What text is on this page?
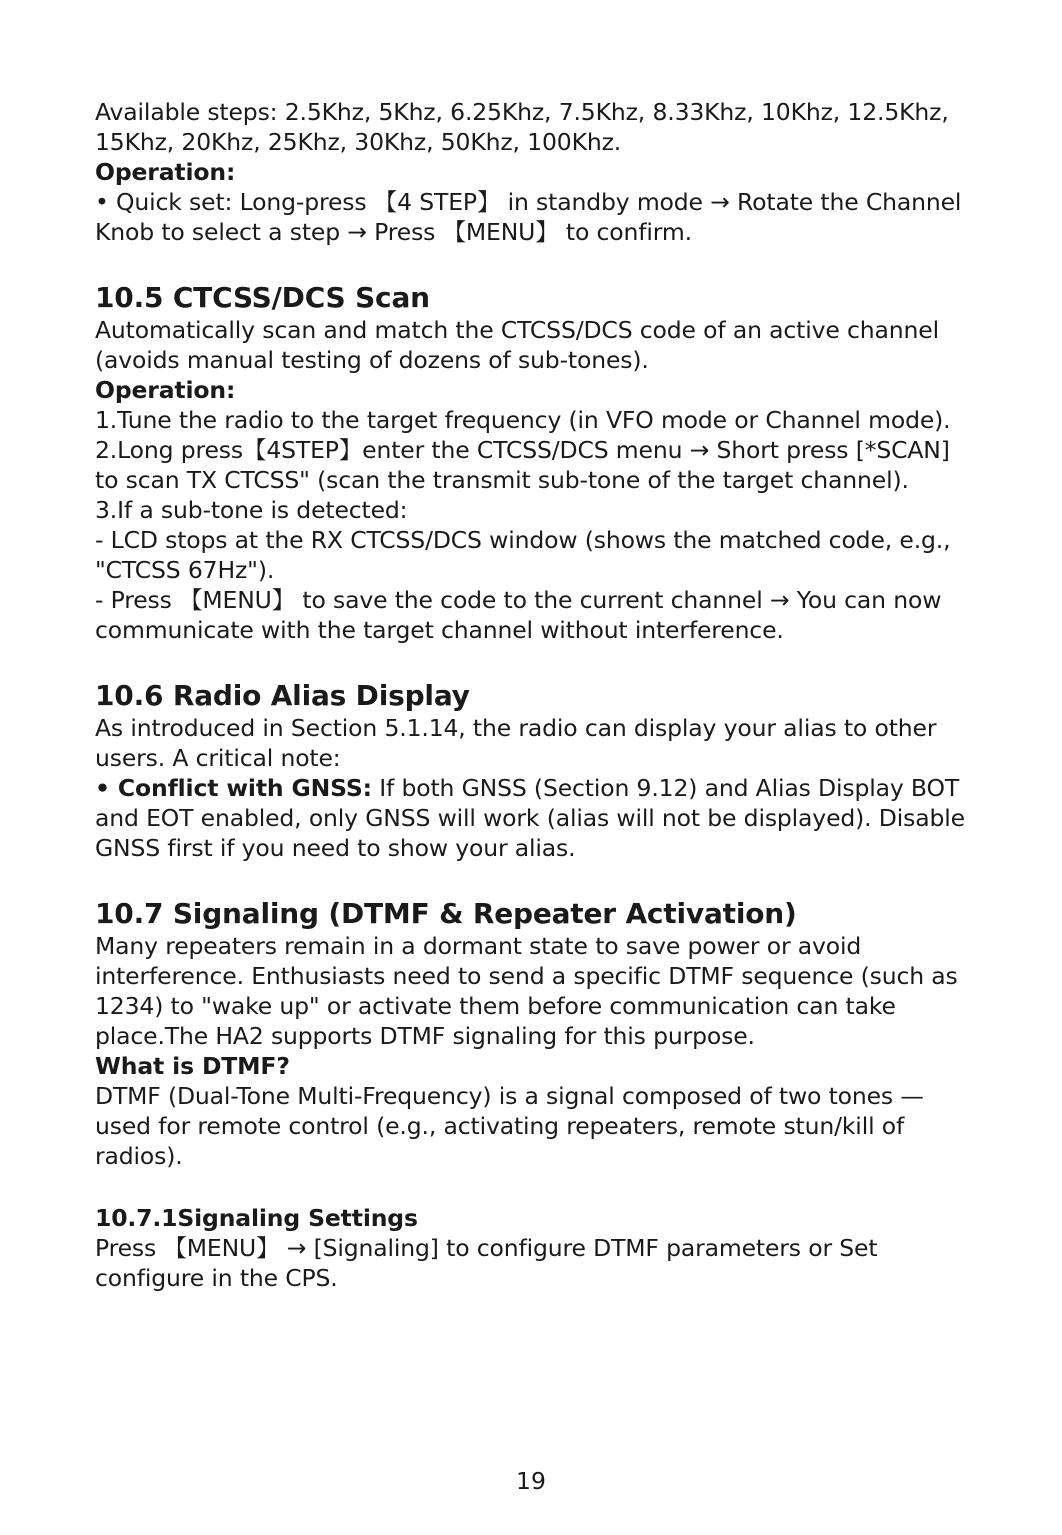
Available steps: 2.5Khz, 5Khz, 6.25Khz, 7.5Khz, 8.33Khz, 10Khz, 12.5Khz,
15Khz, 20Khz, 25Khz, 30Khz, 50Khz, 100Khz.
Operation:
• Quick set: Long-press 【4 STEP】 in standby mode → Rotate the Channel
Knob to select a step → Press 【MENU】 to confirm.
10.5 CTCSS/DCS Scan
Automatically scan and match the CTCSS/DCS code of an active channel
(avoids manual testing of dozens of sub-tones).
Operation:
1.Tune the radio to the target frequency (in VFO mode or Channel mode).
2.Long press【4STEP】enter the CTCSS/DCS menu → Short press [*SCAN]
to scan TX CTCSS" (scan the transmit sub-tone of the target channel).
3.If a sub-tone is detected:
- LCD stops at the RX CTCSS/DCS window (shows the matched code, e.g.,
"CTCSS 67Hz").
- Press 【MENU】 to save the code to the current channel → You can now
communicate with the target channel without interference.
10.6 Radio Alias Display
As introduced in Section 5.1.14, the radio can display your alias to other
users. A critical note:
• Conflict with GNSS: If both GNSS (Section 9.12) and Alias Display BOT
and EOT enabled, only GNSS will work (alias will not be displayed). Disable
GNSS first if you need to show your alias.
10.7 Signaling (DTMF & Repeater Activation)
Many repeaters remain in a dormant state to save power or avoid
interference. Enthusiasts need to send a specific DTMF sequence (such as
1234) to "wake up" or activate them before communication can take
place.The HA2 supports DTMF signaling for this purpose.
What is DTMF?
DTMF (Dual-Tone Multi-Frequency) is a signal composed of two tones —
used for remote control (e.g., activating repeaters, remote stun/kill of
radios).
10.7.1Signaling Settings
Press 【MENU】 → [Signaling] to configure DTMF parameters or Set
configure in the CPS.
19
